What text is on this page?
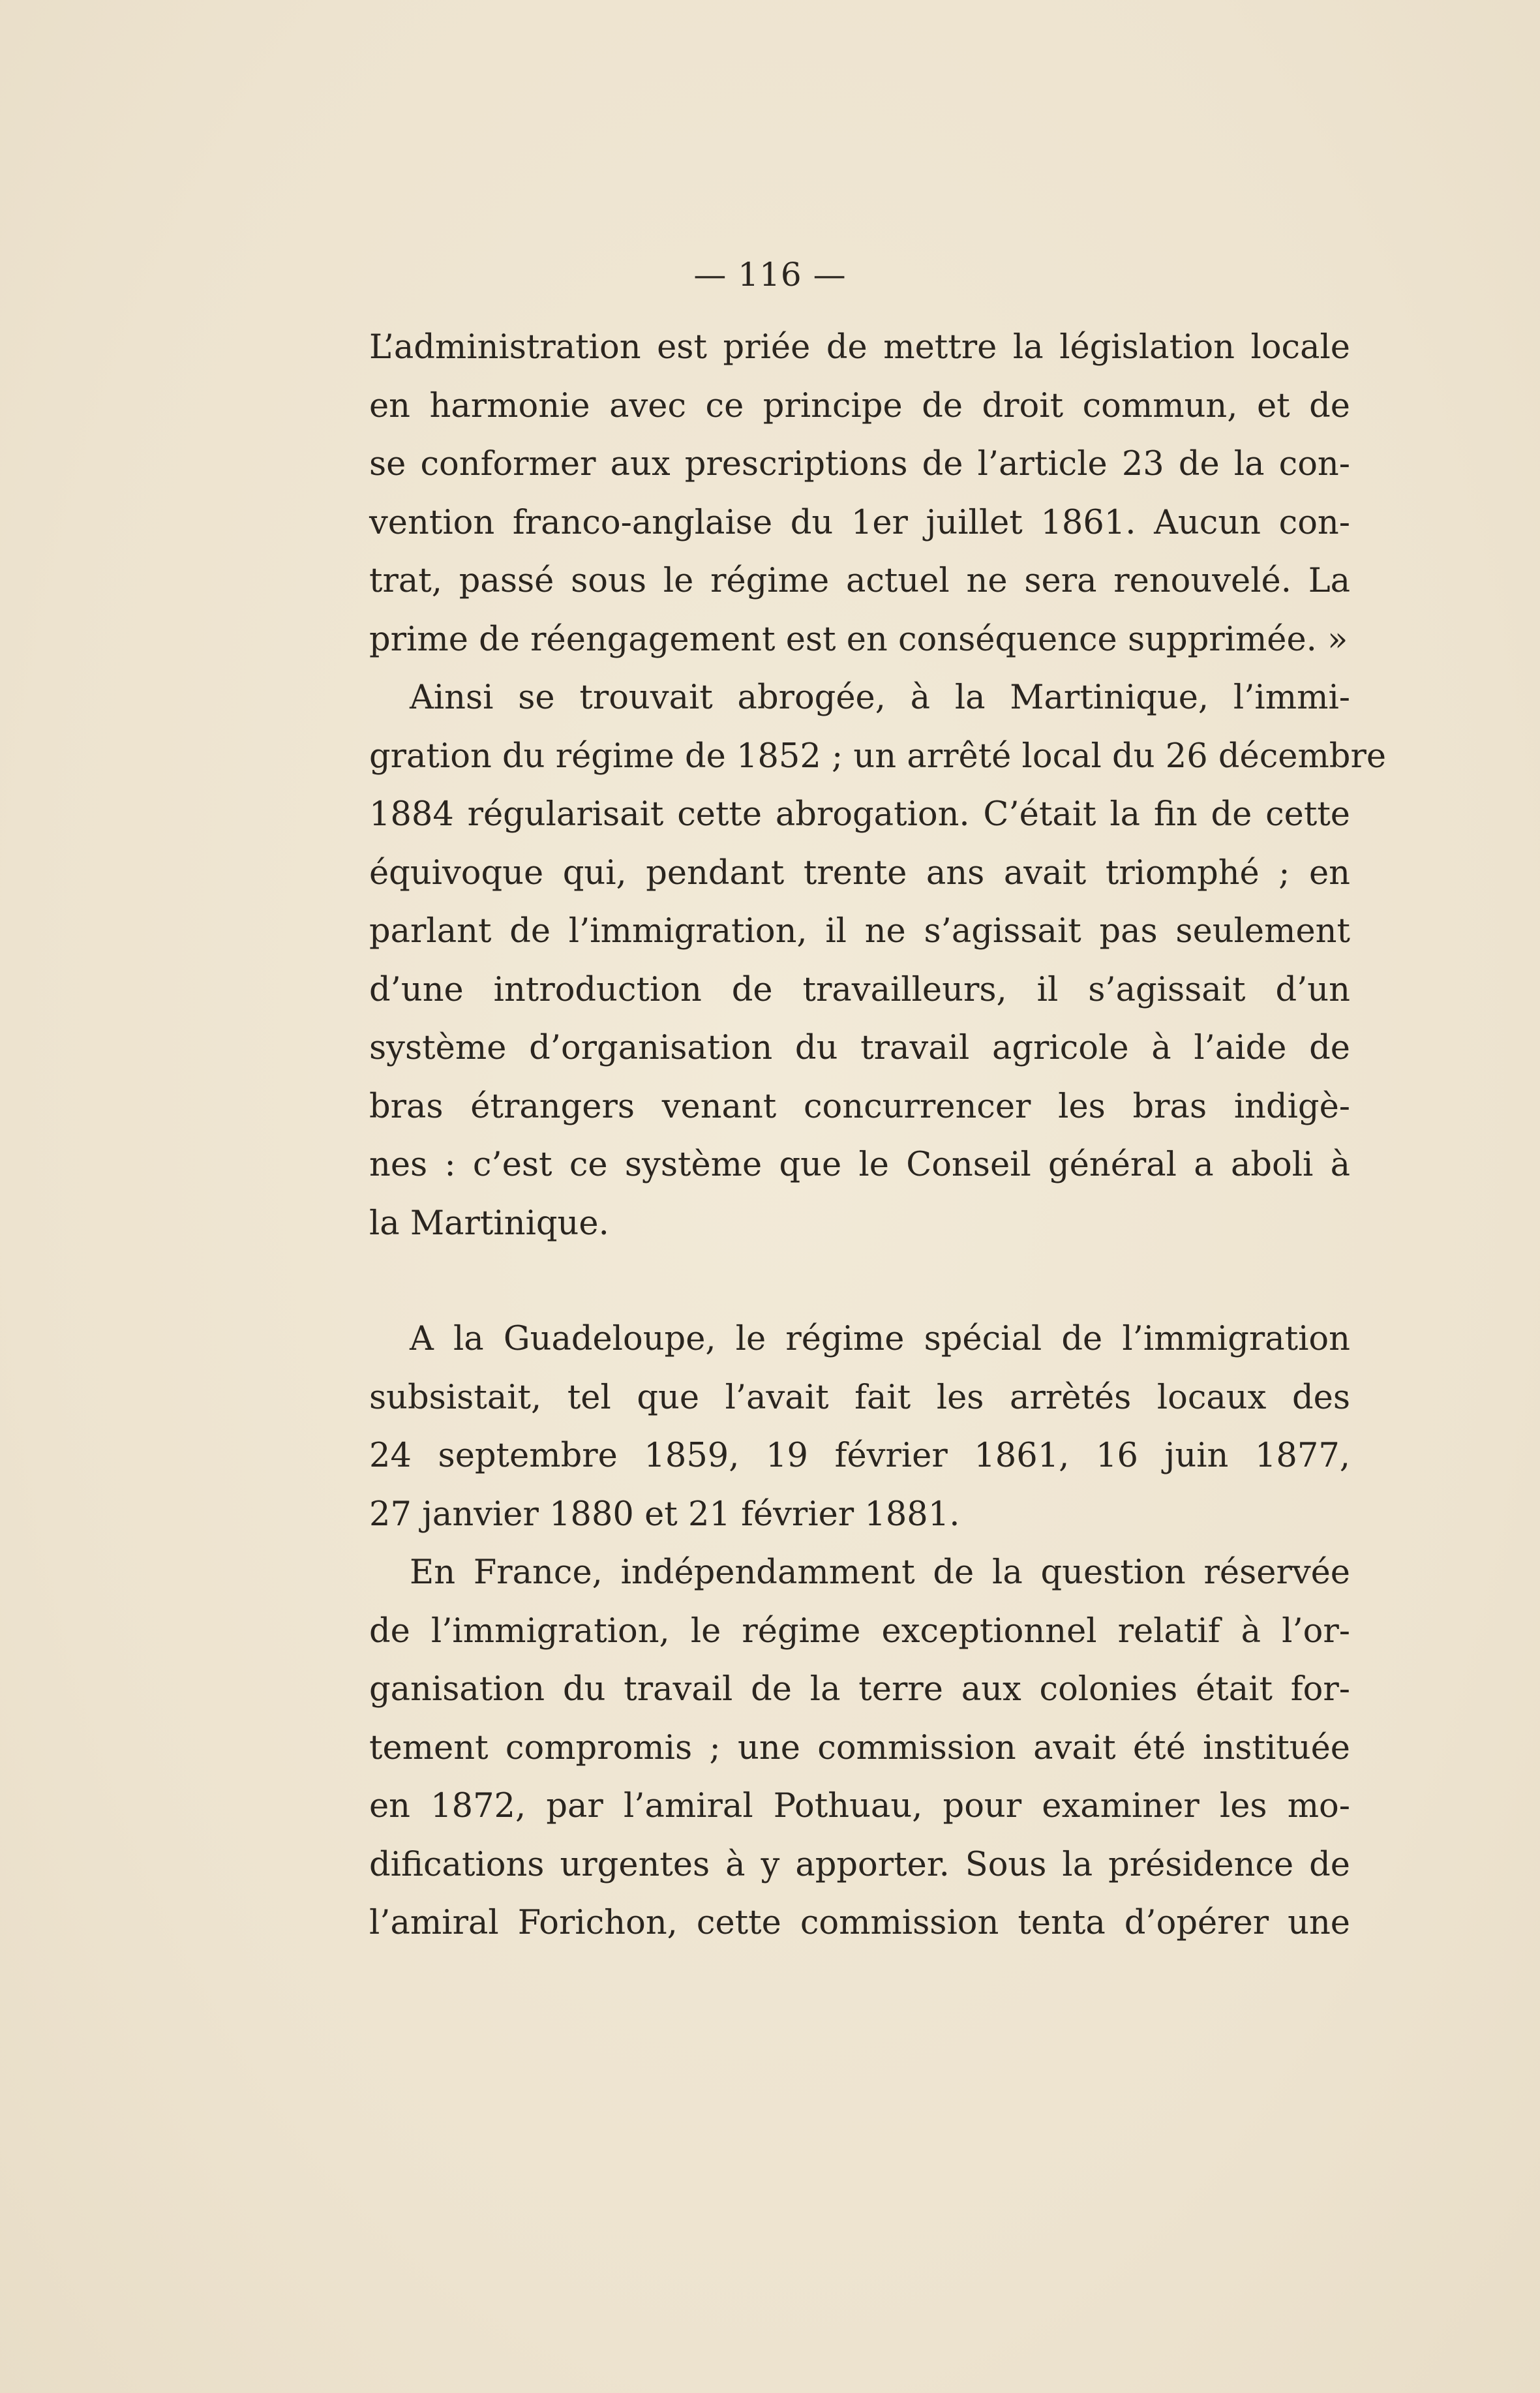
— 116 —
L’administration est priée de mettre la législation locale
en harmonie avec ce principe de droit commun, et de
se conformer aux prescriptions de l’article 23 de la con-
vention franco-anglaise du 1er juillet 1861. Aucun con-
trat, passé sous le régime actuel ne sera renouvelé. La
prime de réengagement est en conséquence supprimée. »
Ainsi se trouvait abrogée, à la Martinique, l’immi-
gration du régime de 1852 ; un arrêté local du 26 décembre
1884 régularisait cette abrogation. C’était la fin de cette
équivoque qui, pendant trente ans avait triomphé ; en
parlant de l’immigration, il ne s’agissait pas seulement
d’une introduction de travailleurs, il s’agissait d’un
système d’organisation du travail agricole à l’aide de
bras étrangers venant concurrencer les bras indigè-
nes : c’est ce système que le Conseil général a aboli à
la Martinique.
A la Guadeloupe, le régime spécial de l’immigration
subsistait, tel que l’avait fait les arrètés locaux des
24 septembre 1859, 19 février 1861, 16 juin 1877,
27 janvier 1880 et 21 février 1881.
En France, indépendamment de la question réservée
de l’immigration, le régime exceptionnel relatif à l’or-
ganisation du travail de la terre aux colonies était for-
tement compromis ; une commission avait été instituée
en 1872, par l’amiral Pothuau, pour examiner les mo-
difications urgentes à y apporter. Sous la présidence de
l’amiral Forichon, cette commission tenta d’opérer une
